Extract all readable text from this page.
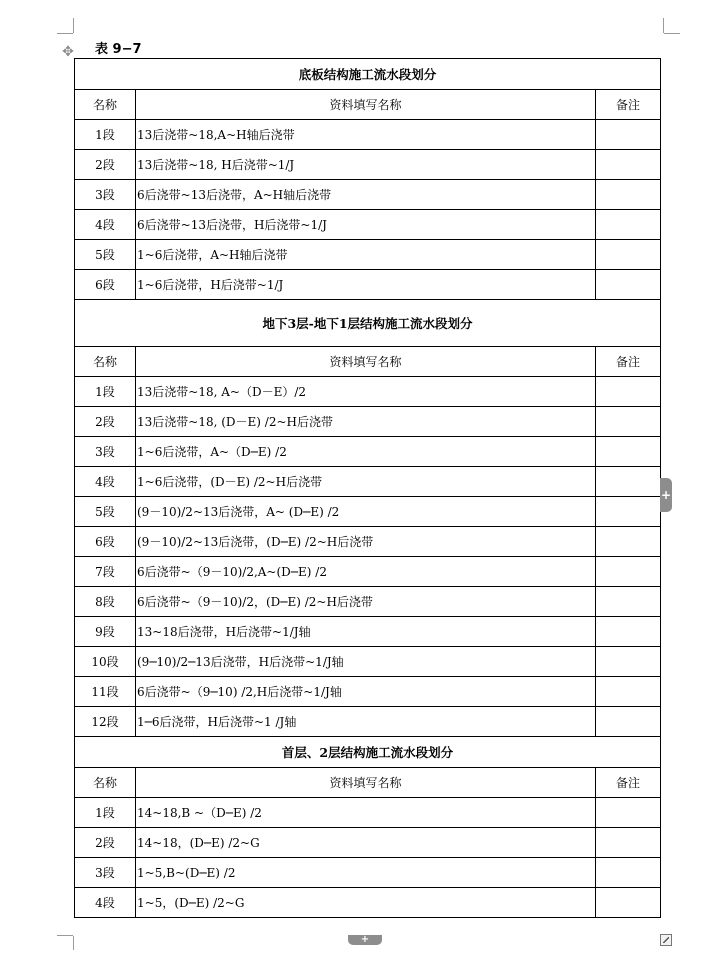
✥ 表 9−7
底板结构施工流水段划分		
名称	资料填写名称	备注
1段	13后浇带~18,A~H轴后浇带	
2段	13后浇带~18, H后浇带~1/J	
3段	6后浇带~13后浇带，A~H轴后浇带	
4段	6后浇带~13后浇带，H后浇带~1/J	
5段	1~6后浇带，A~H轴后浇带	
6段	1~6后浇带，H后浇带~1/J	
地下3层-地下1层结构施工流水段划分		
名称	资料填写名称	备注
1段	13后浇带~18, A~（D－E）/2	
2段	13后浇带~18, (D－E) /2~H后浇带	
3段	1~6后浇带，A~（D─E) /2	
4段	1~6后浇带，(D－E) /2~H后浇带	
5段	(9－10)/2~13后浇带，A~ (D─E) /2	
6段	(9－10)/2~13后浇带，(D─E) /2~H后浇带	
7段	6后浇带~（9－10)/2,A~(D─E) /2	
8段	6后浇带~（9－10)/2，(D─E) /2~H后浇带	
9段	13~18后浇带，H后浇带~1/J轴	
10段	(9─10)/2─13后浇带，H后浇带~1/J轴	
11段	6后浇带~（9─10) /2,H后浇带~1/J轴	
12段	1─6后浇带，H后浇带~1 /J轴	
首层、2层结构施工流水段划分		
名称	资料填写名称	备注
1段	14~18,B ~（D─E) /2	
2段	14~18，(D─E) /2~G	
3段	1~5,B~(D─E) /2	
4段	1~5，(D─E) /2~G	
+
+
